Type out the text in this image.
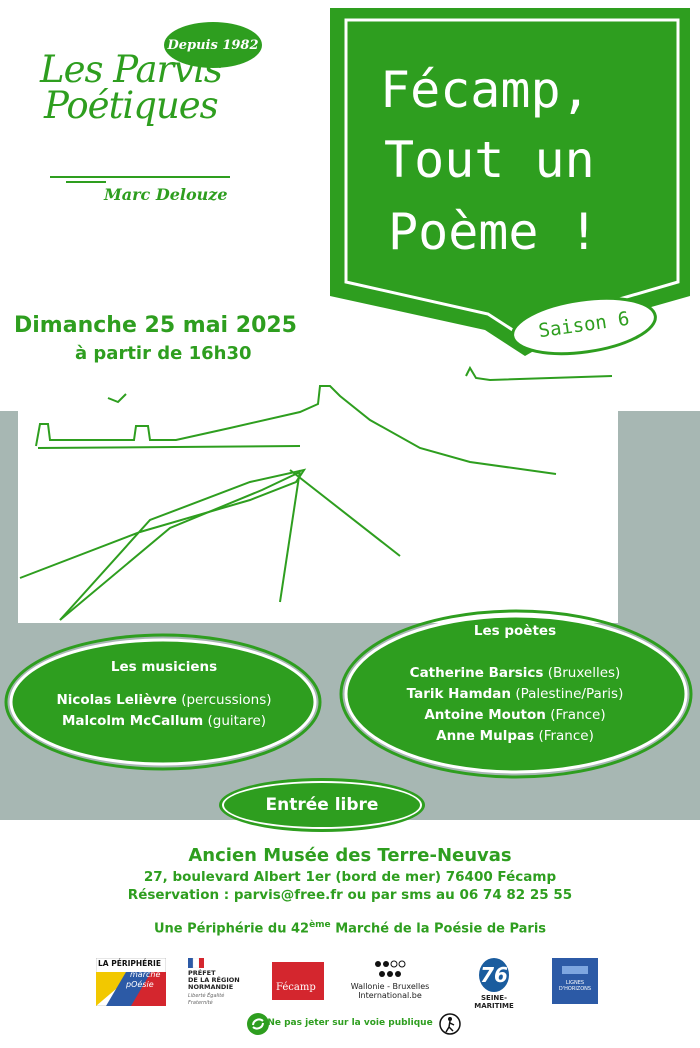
Depuis 1982
Les Parvis
Poétiques
Marc Delouze
Fécamp,
Tout un
Poème !
Saison 6
Dimanche 25 mai 2025
à partir de 16h30
Les musiciens
Nicolas Lelièvre (percussions)
Malcolm McCallum (guitare)
Les poètes
Catherine Barsics (Bruxelles)
Tarik Hamdan (Palestine/Paris)
Antoine Mouton (France)
Anne Mulpas (France)
Entrée libre
Ancien Musée des Terre-Neuvas
27, boulevard Albert 1er (bord de mer) 76400 Fécamp
Réservation : parvis@free.fr ou par sms au 06 74 82 25 55
Une Périphérie du 42ème Marché de la Poésie de Paris
LA PÉRIPHÉRIE
marché
pOésie
PRÉFET
DE LA RÉGION
NORMANDIE
Liberté Égalité Fraternité
Fécamp	Wallonie - Bruxelles
International.be
76
SEINE-MARITIME
LIGNES
D'HORIZONS
Ne pas jeter sur la voie publique
